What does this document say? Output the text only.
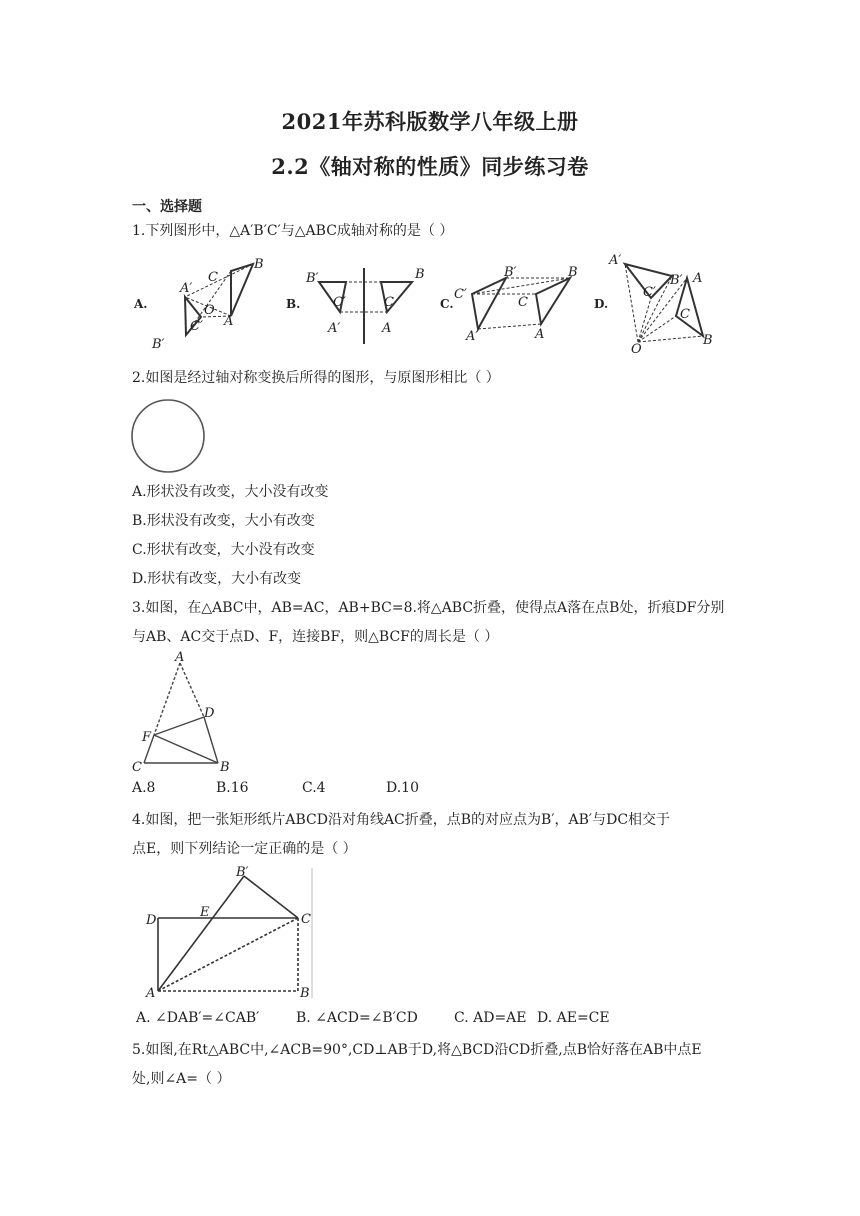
2021年苏科版数学八年级上册
2.2《轴对称的性质》同步练习卷
一、选择题
1.下列图形中，△A′B′C′与△ABC成轴对称的是（ ）
A.
B
C
A′
O
C′ A
B′
B.
B′
C′
A′
C
A
B
C.
C′
B′
A′
C
B
A
D.
A′
B′
C′
A
C
B
O
2.如图是经过轴对称变换后所得的图形，与原图形相比（ ）
A.形状没有改变，大小没有改变
B.形状没有改变，大小有改变
C.形状有改变，大小没有改变
D.形状有改变，大小有改变
3.如图，在△ABC中，AB=AC，AB+BC=8.将△ABC折叠，使得点A落在点B处，折痕DF分别
与AB、AC交于点D、F，连接BF，则△BCF的周长是（ ）
A
D
F
C	B
A.8	B.16	C.4	D.10
4.如图，把一张矩形纸片ABCD沿对角线AC折叠，点B的对应点为B′，AB′与DC相交于
点E，则下列结论一定正确的是（ ）
B′
D
E	C
A	B
A. ∠DAB′=∠CAB′	B. ∠ACD=∠B′CD	C. AD=AE D. AE=CE
5.如图,在Rt△ABC中,∠ACB=90°,CD⊥AB于D,将△BCD沿CD折叠,点B恰好落在AB中点E
处,则∠A=（ ）
